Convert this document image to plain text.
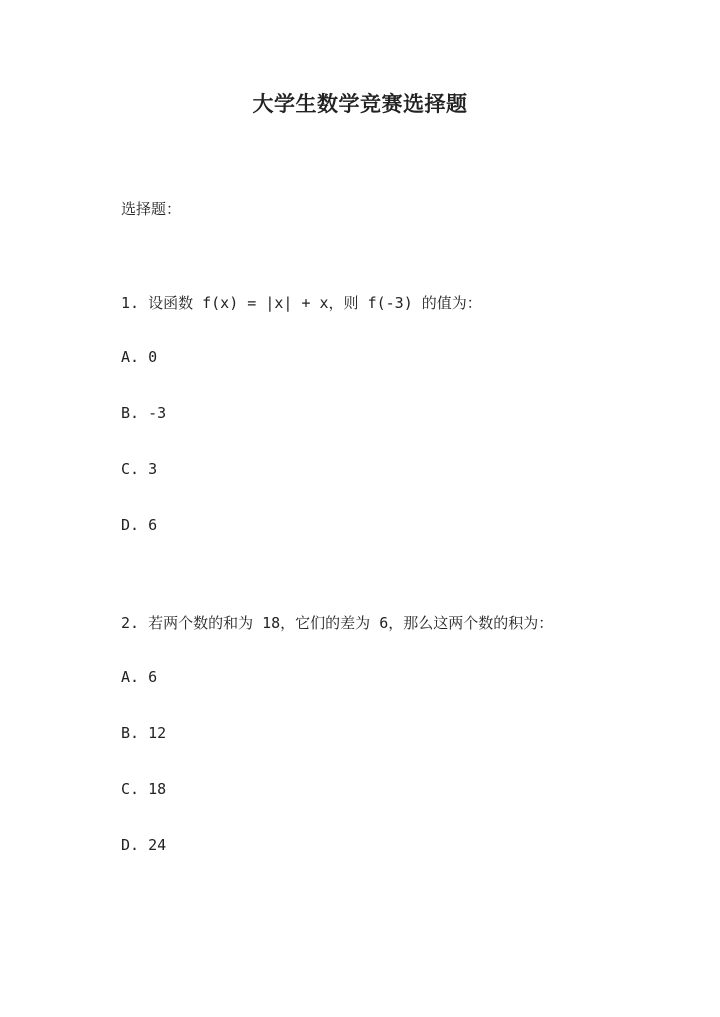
大学生数学竞赛选择题
选择题：
1. 设函数 f(x) = |x| + x，则 f(-3) 的值为：
A. 0
B. -3
C. 3
D. 6
2. 若两个数的和为 18，它们的差为 6，那么这两个数的积为：
A. 6
B. 12
C. 18
D. 24
